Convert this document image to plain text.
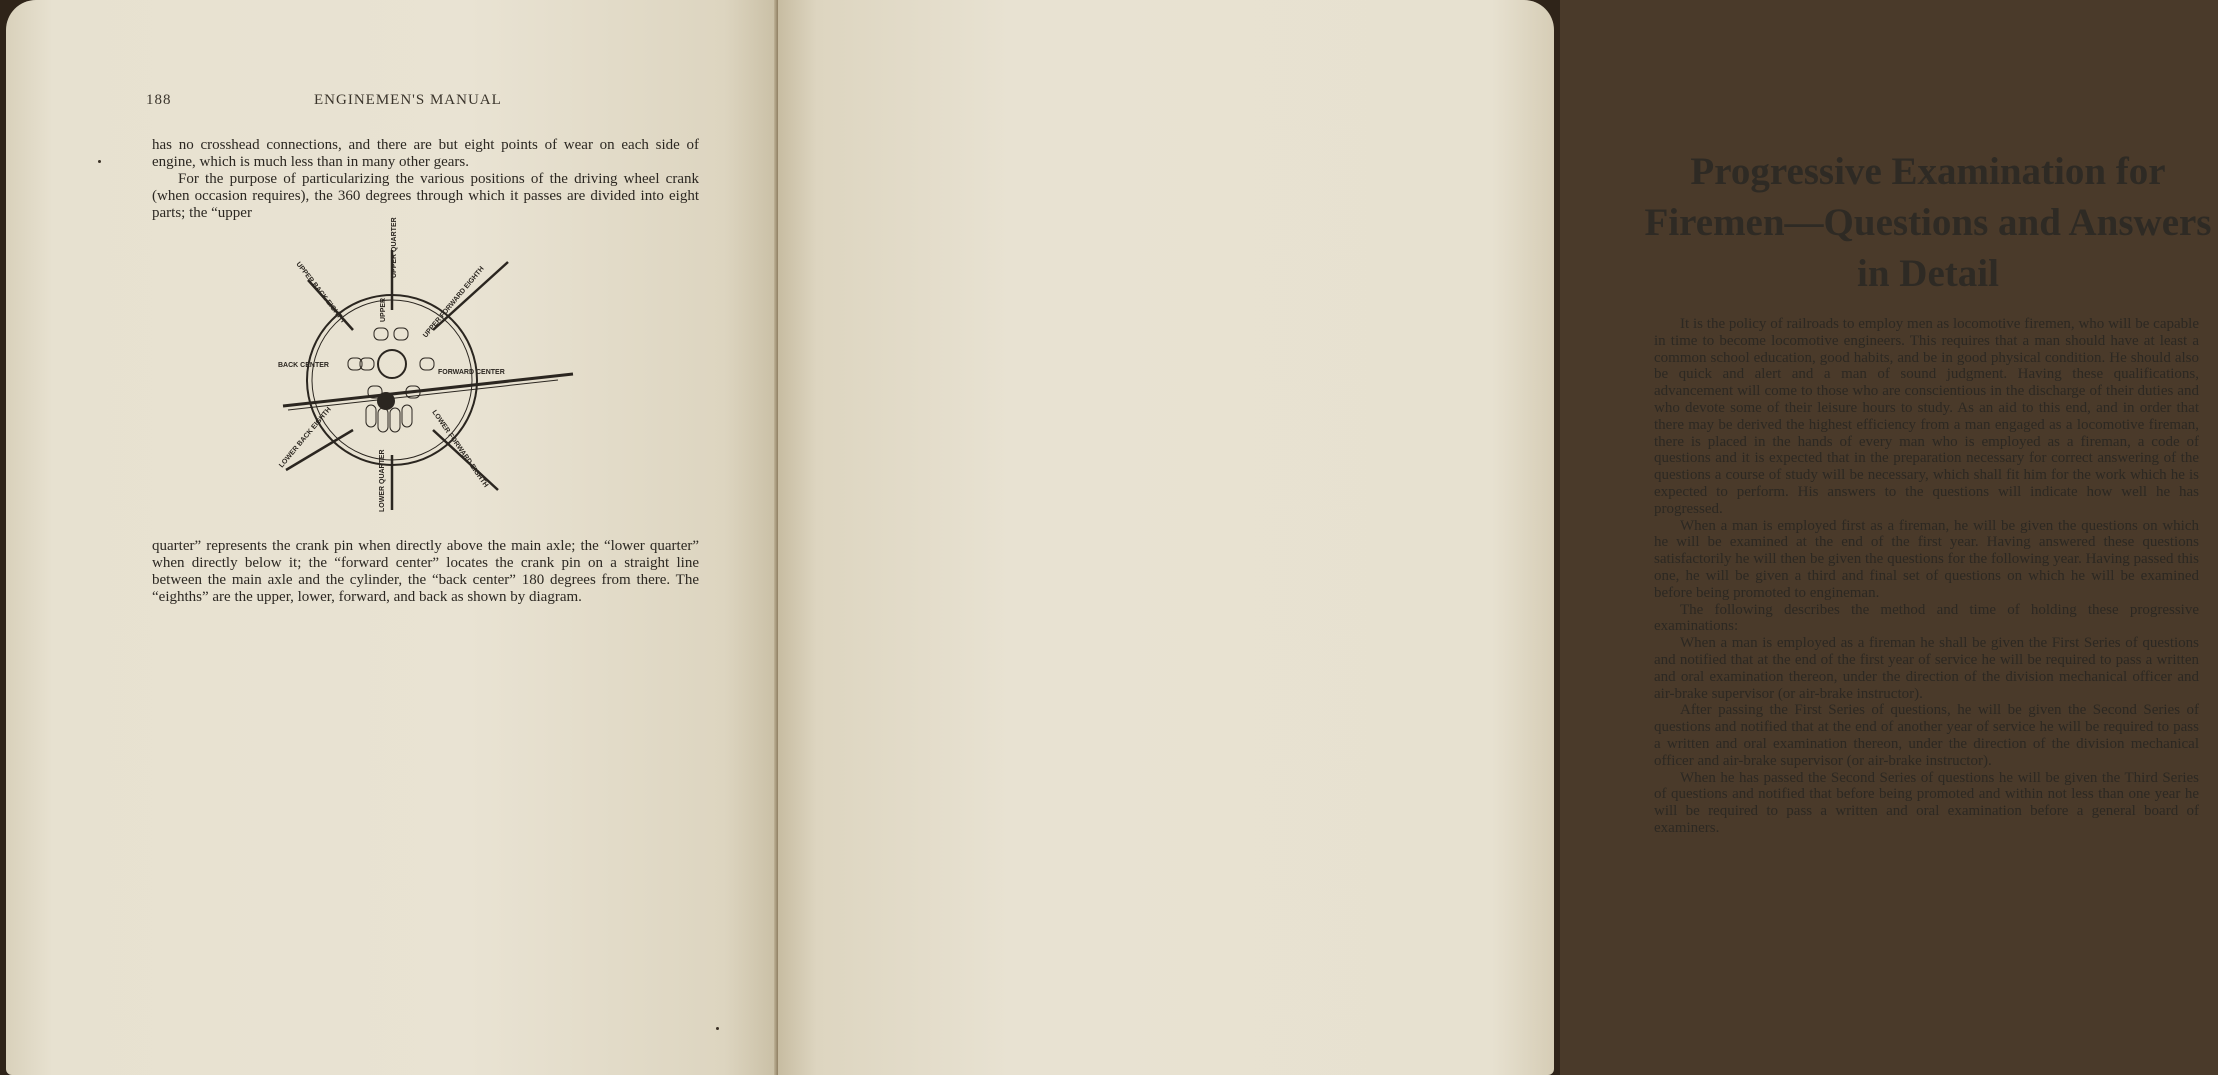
188	ENGINEMEN'S MANUAL

has no crosshead connections, and there are but eight points of wear on each side of engine, which is much less than in many other gears.

For the purpose of particularizing the various positions of the driving wheel crank (when occasion requires), the 360 degrees through which it passes are divided into eight parts; the “upper

UPPER QUARTER
UPPER
UPPER BACK EIGHTH	UPPER FORWARD EIGHTH
BACK CENTER
FORWARD CENTER
LOWER BACK EIGHTH
LOWER QUARTER	LOWER FORWARD EIGHTH

quarter” represents the crank pin when directly above the main axle; the “lower quarter” when directly below it; the “forward center” locates the crank pin on a straight line between the main axle and the cylinder, the “back center” 180 degrees from there. The “eighths” are the upper, lower, forward, and back as shown by diagram.

Progressive Examination for Firemen—Questions and Answers in Detail

It is the policy of railroads to employ men as locomotive firemen, who will be capable in time to become locomotive engineers. This requires that a man should have at least a common school education, good habits, and be in good physical condition. He should also be quick and alert and a man of sound judgment. Having these qualifications, advancement will come to those who are conscientious in the discharge of their duties and who devote some of their leisure hours to study. As an aid to this end, and in order that there may be derived the highest efficiency from a man engaged as a locomotive fireman, there is placed in the hands of every man who is employed as a fireman, a code of questions and it is expected that in the preparation necessary for correct answering of the questions a course of study will be necessary, which shall fit him for the work which he is expected to perform. His answers to the questions will indicate how well he has progressed.

When a man is employed first as a fireman, he will be given the questions on which he will be examined at the end of the first year. Having answered these questions satisfactorily he will then be given the questions for the following year. Having passed this one, he will be given a third and final set of questions on which he will be examined before being promoted to engineman.

The following describes the method and time of holding these progressive examinations:

When a man is employed as a fireman he shall be given the First Series of questions and notified that at the end of the first year of service he will be required to pass a written and oral examination thereon, under the direction of the division mechanical officer and air-brake supervisor (or air-brake instructor).

After passing the First Series of questions, he will be given the Second Series of questions and notified that at the end of another year of service he will be required to pass a written and oral examination thereon, under the direction of the division mechanical officer and air-brake supervisor (or air-brake instructor).

When he has passed the Second Series of questions he will be given the Third Series of questions and notified that before being promoted and within not less than one year he will be required to pass a written and oral examination before a general board of examiners.
